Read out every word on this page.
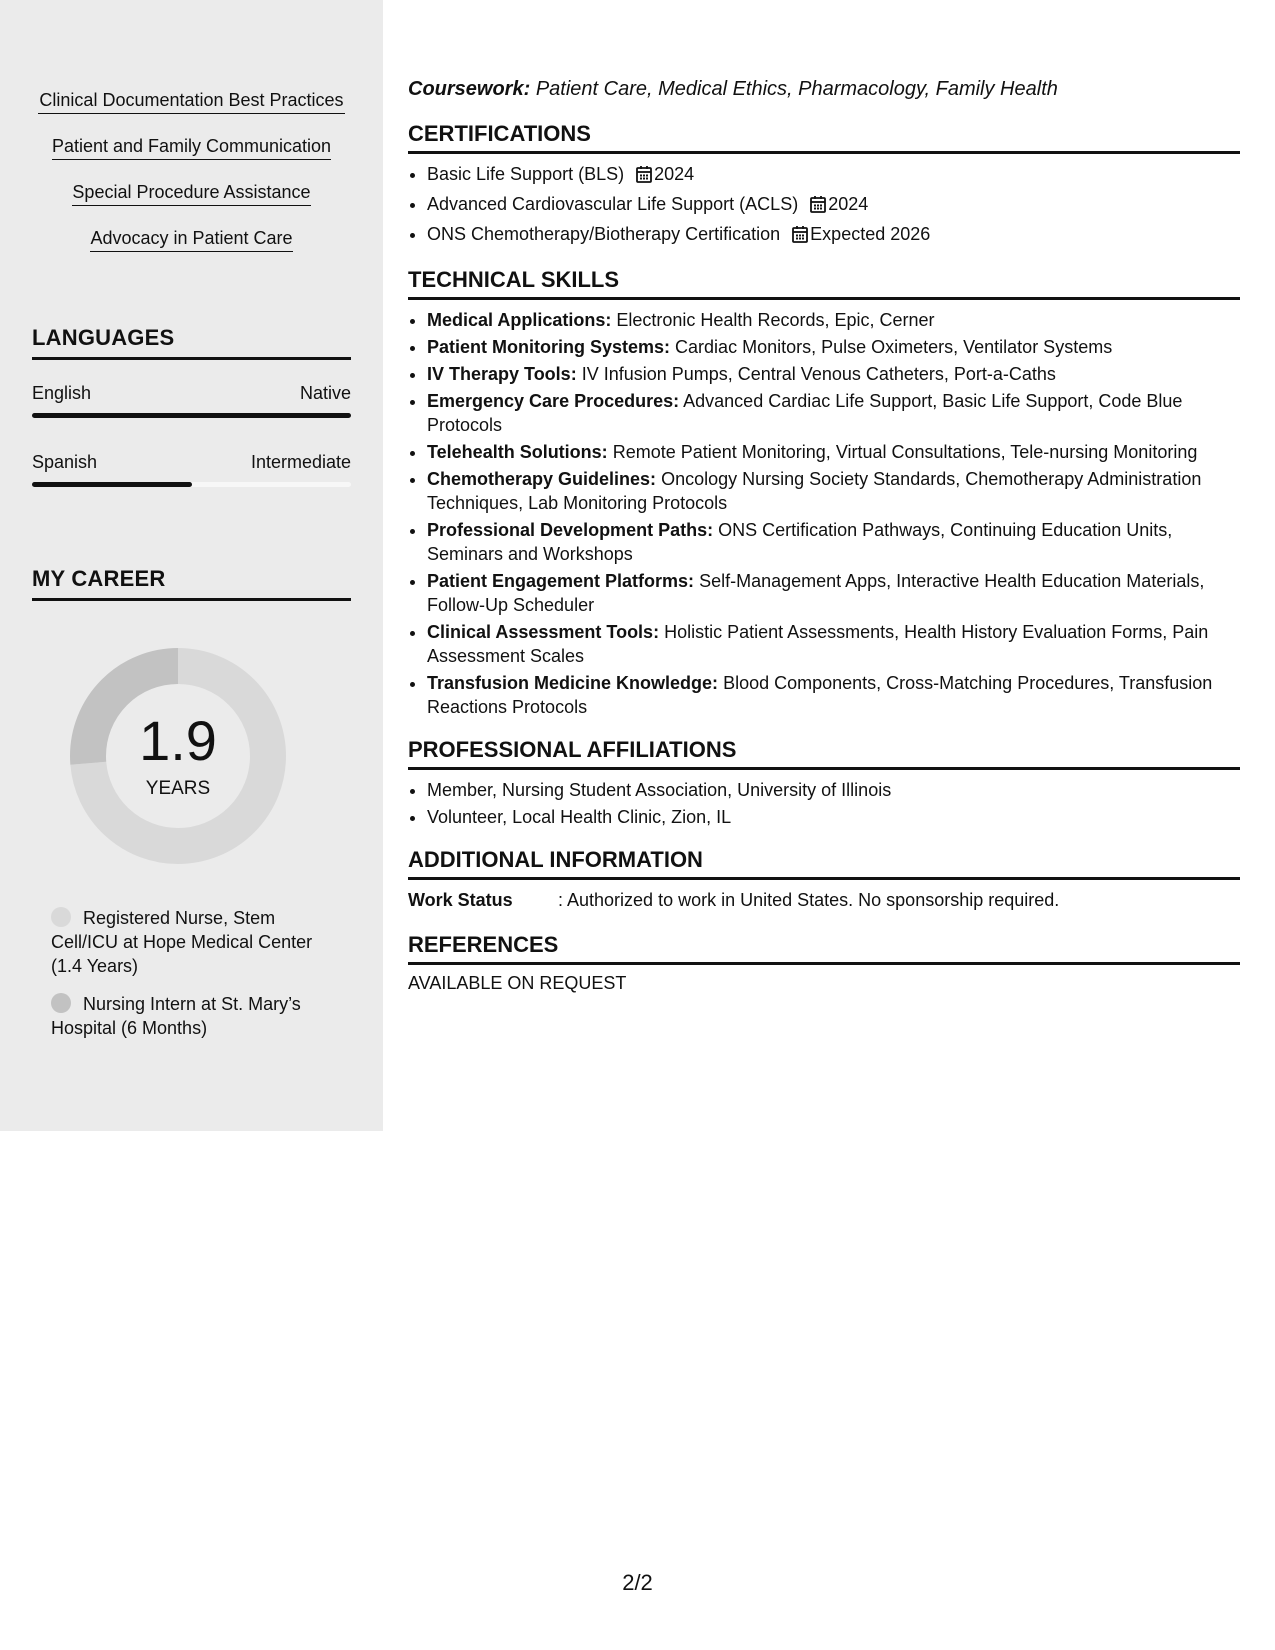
Clinical Documentation Best Practices
Patient and Family Communication
Special Procedure Assistance
Advocacy in Patient Care
LANGUAGES
English	Native
Spanish	Intermediate
MY CAREER
1.9
YEARS
Registered Nurse, Stem Cell/ICU at Hope Medical Center (1.4 Years)
Nursing Intern at St. Mary’s Hospital (6 Months)
Coursework: Patient Care, Medical Ethics, Pharmacology, Family Health
CERTIFICATIONS
• Basic Life Support (BLS) 2024
• Advanced Cardiovascular Life Support (ACLS) 2024
• ONS Chemotherapy/Biotherapy Certification Expected 2026
TECHNICAL SKILLS
• Medical Applications: Electronic Health Records, Epic, Cerner
• Patient Monitoring Systems: Cardiac Monitors, Pulse Oximeters, Ventilator Systems
• IV Therapy Tools: IV Infusion Pumps, Central Venous Catheters, Port-a-Caths
• Emergency Care Procedures: Advanced Cardiac Life Support, Basic Life Support, Code Blue Protocols
• Telehealth Solutions: Remote Patient Monitoring, Virtual Consultations, Tele-nursing Monitoring
• Chemotherapy Guidelines: Oncology Nursing Society Standards, Chemotherapy Administration Techniques, Lab Monitoring Protocols
• Professional Development Paths: ONS Certification Pathways, Continuing Education Units, Seminars and Workshops
• Patient Engagement Platforms: Self-Management Apps, Interactive Health Education Materials, Follow-Up Scheduler
• Clinical Assessment Tools: Holistic Patient Assessments, Health History Evaluation Forms, Pain Assessment Scales
• Transfusion Medicine Knowledge: Blood Components, Cross-Matching Procedures, Transfusion Reactions Protocols
PROFESSIONAL AFFILIATIONS
• Member, Nursing Student Association, University of Illinois
• Volunteer, Local Health Clinic, Zion, IL
ADDITIONAL INFORMATION
Work Status	: Authorized to work in United States. No sponsorship required.
REFERENCES
AVAILABLE ON REQUEST
2/2
